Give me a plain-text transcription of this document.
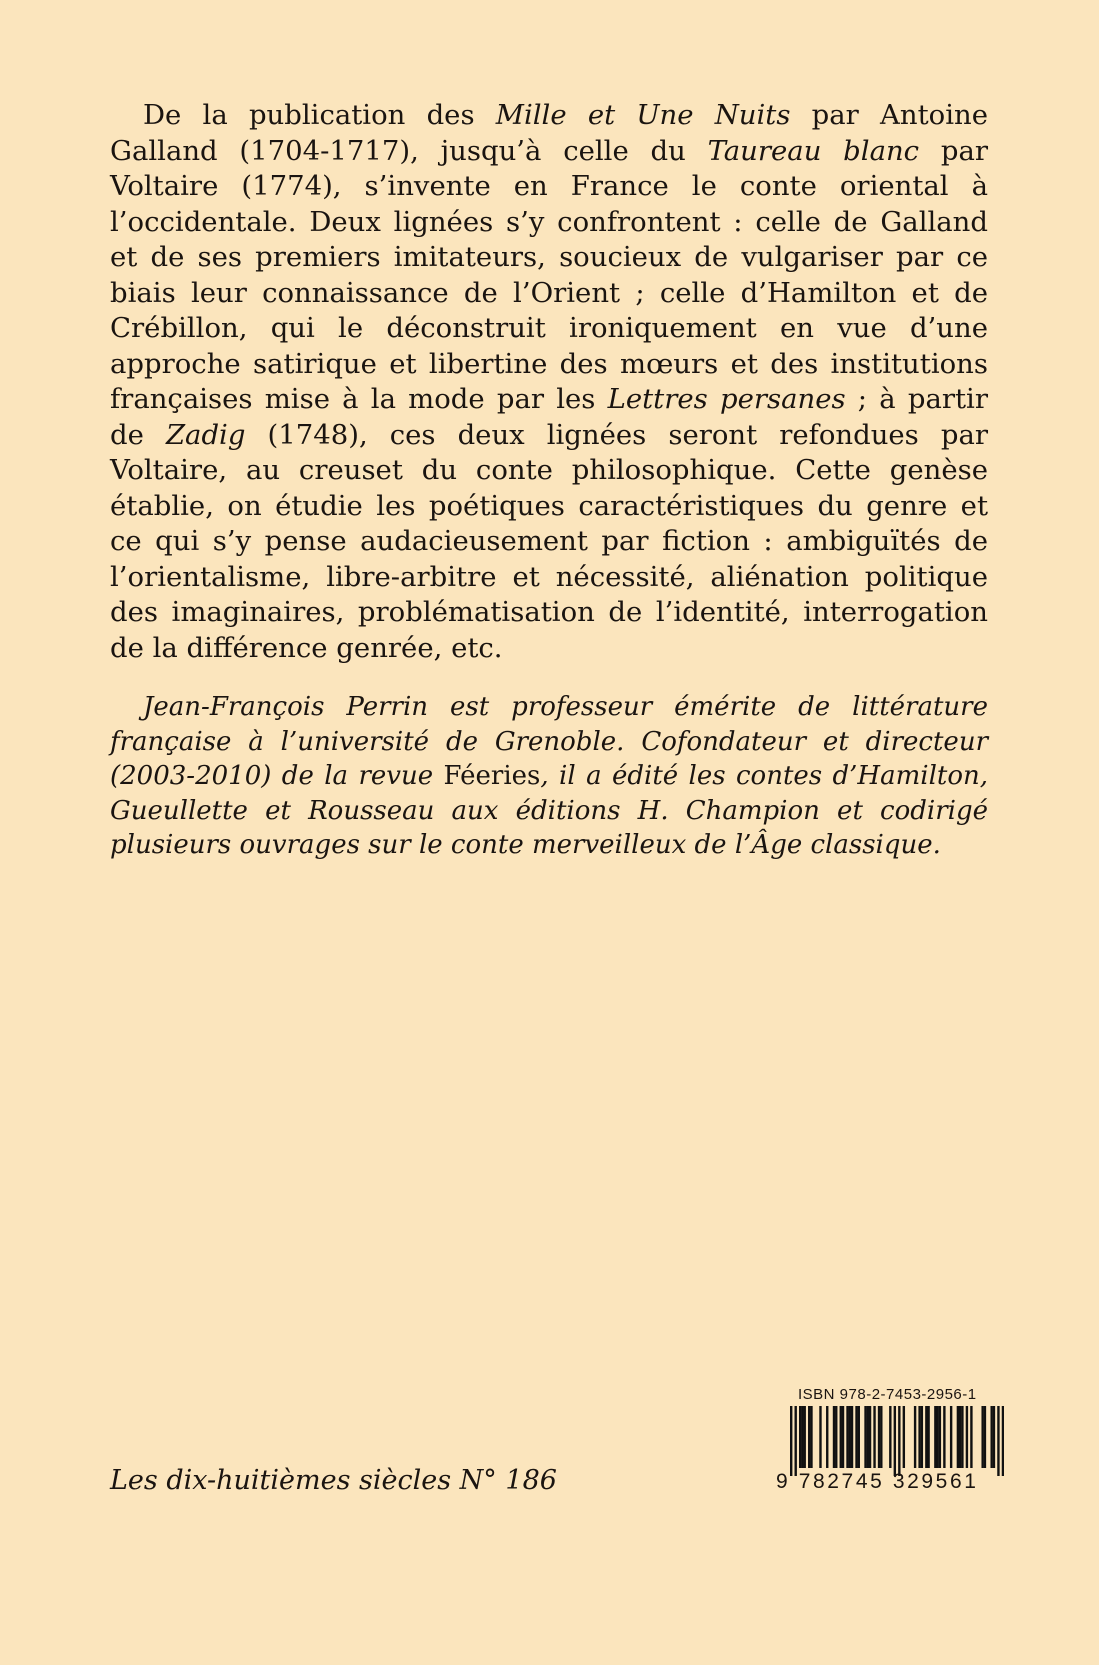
De la publication des Mille et Une Nuits par Antoine Galland (1704-1717), jusqu’à celle du Taureau blanc par Voltaire (1774), s’invente en France le conte oriental à l’occidentale. Deux lignées s’y confrontent : celle de Galland et de ses premiers imitateurs, soucieux de vulgariser par ce biais leur connaissance de l’Orient ; celle d’Hamilton et de Crébillon, qui le déconstruit ironiquement en vue d’une approche satirique et libertine des mœurs et des institutions françaises mise à la mode par les Lettres persanes ; à partir de Zadig (1748), ces deux lignées seront refondues par Voltaire, au creuset du conte philosophique. Cette genèse établie, on étudie les poétiques caractéristiques du genre et ce qui s’y pense audacieusement par fiction : ambiguïtés de l’orientalisme, libre-arbitre et nécessité, aliénation politique des imaginaires, problématisation de l’identité, interrogation de la différence genrée, etc.

Jean-François Perrin est professeur émérite de littérature française à l’université de Grenoble. Cofondateur et directeur (2003-2010) de la revue Féeries, il a édité les contes d’Hamilton, Gueullette et Rousseau aux éditions H. Champion et codirigé plusieurs ouvrages sur le conte merveilleux de l’Âge classique.

Les dix-huitièmes siècles N° 186

ISBN 978-2-7453-2956-1
9 782745 329561
